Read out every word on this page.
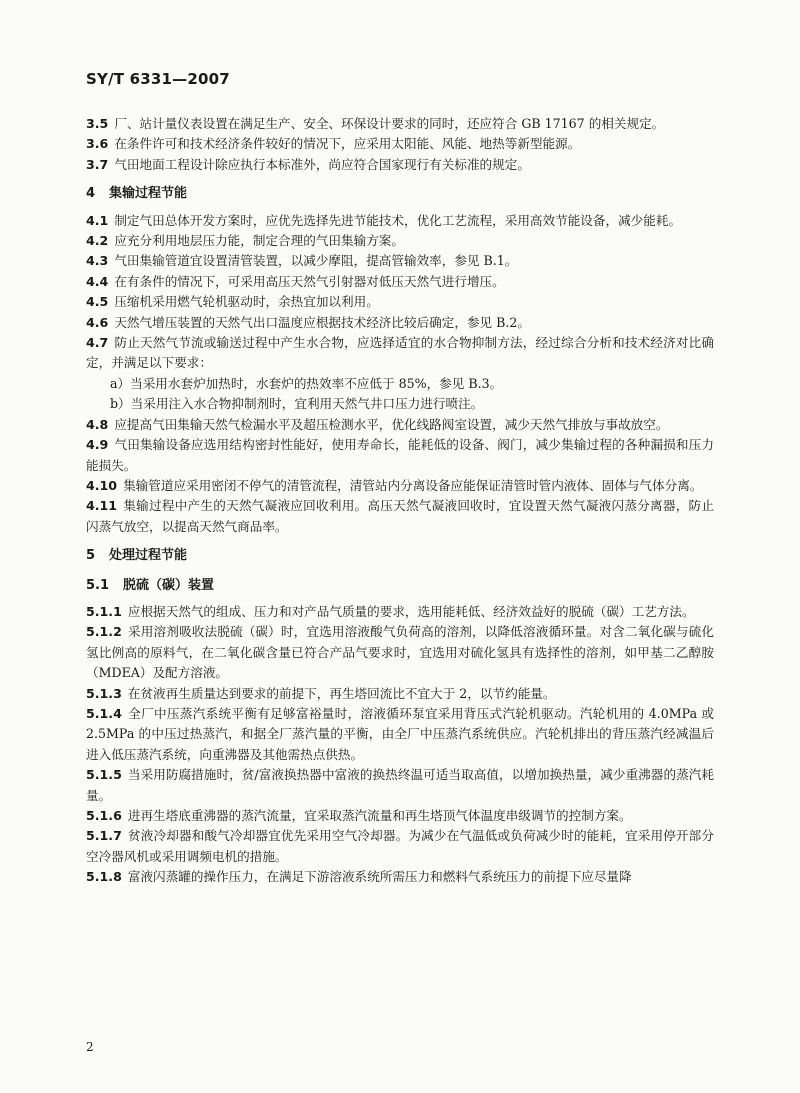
SY/T 6331—2007

3.5 厂、站计量仪表设置在满足生产、安全、环保设计要求的同时，还应符合 GB 17167 的相关规定。

3.6 在条件许可和技术经济条件较好的情况下，应采用太阳能、风能、地热等新型能源。

3.7 气田地面工程设计除应执行本标准外，尚应符合国家现行有关标准的规定。

4 集输过程节能

4.1 制定气田总体开发方案时，应优先选择先进节能技术，优化工艺流程，采用高效节能设备，减少能耗。

4.2 应充分利用地层压力能，制定合理的气田集输方案。

4.3 气田集输管道宜设置清管装置，以减少摩阻，提高管输效率，参见 B.1。

4.4 在有条件的情况下，可采用高压天然气引射器对低压天然气进行增压。

4.5 压缩机采用燃气轮机驱动时，余热宜加以利用。

4.6 天然气增压装置的天然气出口温度应根据技术经济比较后确定，参见 B.2。

4.7 防止天然气节流或输送过程中产生水合物，应选择适宜的水合物抑制方法，经过综合分析和技术经济对比确定，并满足以下要求：

a）当采用水套炉加热时，水套炉的热效率不应低于 85%，参见 B.3。

b）当采用注入水合物抑制剂时，宜利用天然气井口压力进行喷注。

4.8 应提高气田集输天然气检漏水平及超压检测水平，优化线路阀室设置，减少天然气排放与事故放空。

4.9 气田集输设备应选用结构密封性能好，使用寿命长，能耗低的设备、阀门，减少集输过程的各种漏损和压力能损失。

4.10 集输管道应采用密闭不停气的清管流程，清管站内分离设备应能保证清管时管内液体、固体与气体分离。

4.11 集输过程中产生的天然气凝液应回收利用。高压天然气凝液回收时，宜设置天然气凝液闪蒸分离器，防止闪蒸气放空，以提高天然气商品率。

5 处理过程节能
5.1 脱硫（碳）装置

5.1.1 应根据天然气的组成、压力和对产品气质量的要求，选用能耗低、经济效益好的脱硫（碳）工艺方法。

5.1.2 采用溶剂吸收法脱硫（碳）时，宜选用溶液酸气负荷高的溶剂，以降低溶液循环量。对含二氧化碳与硫化氢比例高的原料气，在二氧化碳含量已符合产品气要求时，宜选用对硫化氢具有选择性的溶剂，如甲基二乙醇胺（MDEA）及配方溶液。

5.1.3 在贫液再生质量达到要求的前提下，再生塔回流比不宜大于 2，以节约能量。

5.1.4 全厂中压蒸汽系统平衡有足够富裕量时，溶液循环泵宜采用背压式汽轮机驱动。汽轮机用的 4.0MPa 或 2.5MPa 的中压过热蒸汽，和据全厂蒸汽量的平衡，由全厂中压蒸汽系统供应。汽轮机排出的背压蒸汽经减温后进入低压蒸汽系统，向重沸器及其他需热点供热。

5.1.5 当采用防腐措施时，贫/富液换热器中富液的换热终温可适当取高值，以增加换热量，减少重沸器的蒸汽耗量。

5.1.6 进再生塔底重沸器的蒸汽流量，宜采取蒸汽流量和再生塔顶气体温度串级调节的控制方案。

5.1.7 贫液冷却器和酸气冷却器宜优先采用空气冷却器。为减少在气温低或负荷减少时的能耗，宜采用停开部分空冷器风机或采用调频电机的措施。

5.1.8 富液闪蒸罐的操作压力，在满足下游溶液系统所需压力和燃料气系统压力的前提下应尽量降

2
